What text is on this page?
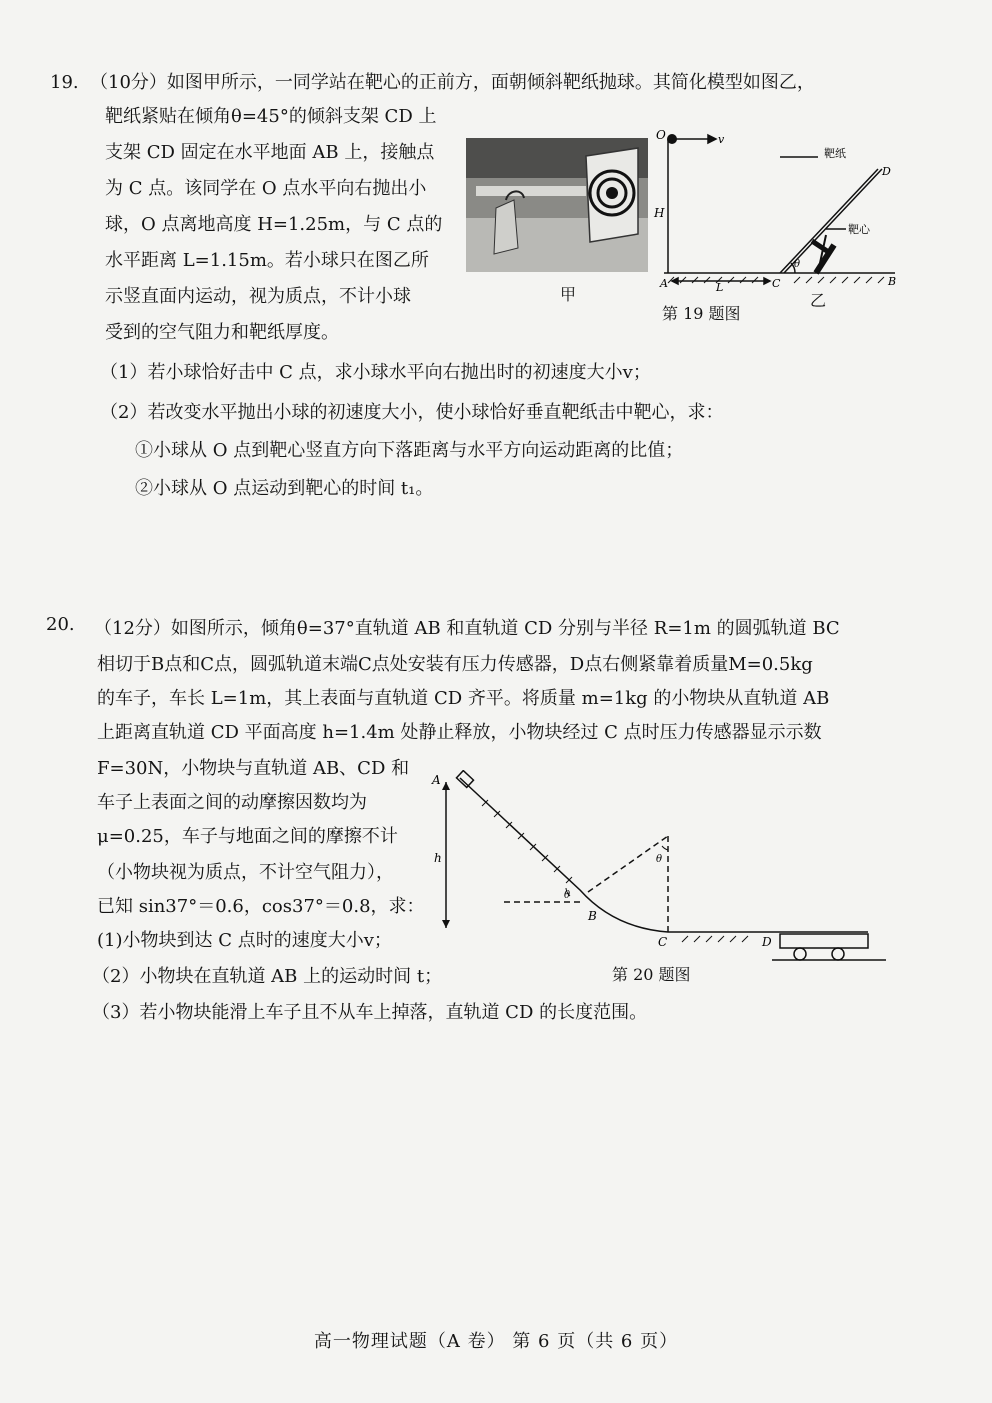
19. （10分）如图甲所示，一同学站在靶心的正前方，面朝倾斜靶纸抛球。其简化模型如图乙，
靶纸紧贴在倾角θ=45°的倾斜支架 CD 上
支架 CD 固定在水平地面 AB 上，接触点
为 C 点。该同学在 O 点水平向右抛出小
球，O 点离地高度 H=1.25m，与 C 点的
水平距离 L=1.15m。若小球只在图乙所
示竖直面内运动，视为质点，不计小球
受到的空气阻力和靶纸厚度。
甲
O	v
H
A	L	C	B
D
θ
靶纸
靶心
第 19 题图
乙
（1）若小球恰好击中 C 点，求小球水平向右抛出时的初速度大小v；
（2）若改变水平抛出小球的初速度大小，使小球恰好垂直靶纸击中靶心，求：
①小球从 O 点到靶心竖直方向下落距离与水平方向运动距离的比值；
②小球从 O 点运动到靶心的时间 t₁。
20. （12分）如图所示，倾角θ=37°直轨道 AB 和直轨道 CD 分别与半径 R=1m 的圆弧轨道 BC
相切于B点和C点，圆弧轨道末端C点处安装有压力传感器，D点右侧紧靠着质量M=0.5kg
的车子，车长 L=1m，其上表面与直轨道 CD 齐平。将质量 m=1kg 的小物块从直轨道 AB
上距离直轨道 CD 平面高度 h=1.4m 处静止释放，小物块经过 C 点时压力传感器显示示数
F=30N，小物块与直轨道 AB、CD 和
车子上表面之间的动摩擦因数均为
μ=0.25，车子与地面之间的摩擦不计
（小物块视为质点，不计空气阻力），
已知 sin37°＝0.6，cos37°＝0.8，求：
(1)小物块到达 C 点时的速度大小v；
（2）小物块在直轨道 AB 上的运动时间 t；
（3）若小物块能滑上车子且不从车上掉落，直轨道 CD 的长度范围。
A
h
B
C	D
θ
θ
第 20 题图
高一物理试题（A 卷） 第 6 页（共 6 页）
